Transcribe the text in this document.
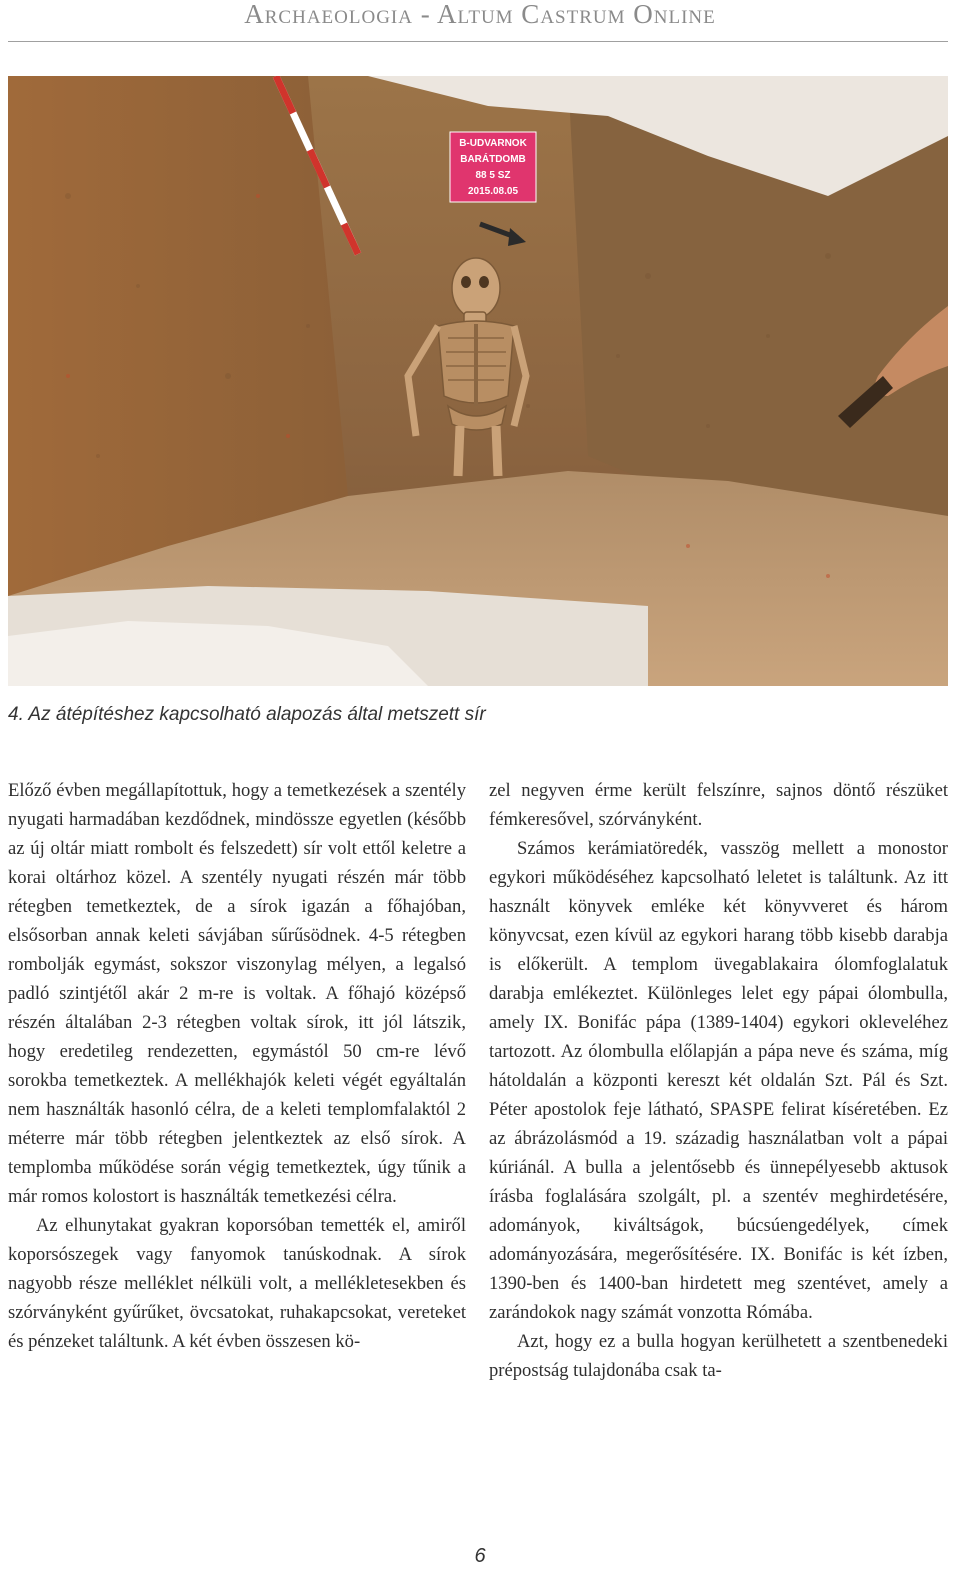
Archaeologia - Altum Castrum Online
B-UDVARNOK
BARÁTDOMB
88 5 SZ
2015.08.05
4. Az átépítéshez kapcsolható alapozás által metszett sír

Előző évben megállapítottuk, hogy a temetkezések a szentély nyugati harmadában kezdődnek, mindössze egyetlen (később az új oltár miatt rombolt és felszedett) sír volt ettől keletre a korai oltárhoz közel. A szentély nyugati részén már több rétegben temetkeztek, de a sírok igazán a főhajóban, elsősorban annak keleti sávjában sűrűsödnek. 4-5 rétegben rombolják egymást, sokszor viszonylag mélyen, a legalsó padló szintjétől akár 2 m-re is voltak. A főhajó középső részén általában 2-3 rétegben voltak sírok, itt jól látszik, hogy eredetileg rendezetten, egymástól 50 cm-re lévő sorokba temetkeztek. A mellékhajók keleti végét egyáltalán nem használták hasonló célra, de a keleti templomfalaktól 2 méterre már több rétegben jelentkeztek az első sírok. A templomba működése során végig temetkeztek, úgy tűnik a már romos kolostort is használták temetkezési célra.

Az elhunytakat gyakran koporsóban temették el, amiről koporsószegek vagy fanyomok tanúskodnak. A sírok nagyobb része melléklet nélküli volt, a mellékletesekben és szórványként gyűrűket, övcsatokat, ruhakapcsokat, vereteket és pénzeket találtunk. A két évben összesen kö-

zel negyven érme került felszínre, sajnos döntő részüket fémkeresővel, szórványként.

Számos kerámiatöredék, vasszög mellett a monostor egykori működéséhez kapcsolható leletet is találtunk. Az itt használt könyvek emléke két könyvveret és három könyvcsat, ezen kívül az egykori harang több kisebb darabja is előkerült. A templom üvegablakaira ólomfoglalatuk darabja emlékeztet. Különleges lelet egy pápai ólombulla, amely IX. Bonifác pápa (1389-1404) egykori okleveléhez tartozott. Az ólombulla előlapján a pápa neve és száma, míg hátoldalán a központi kereszt két oldalán Szt. Pál és Szt. Péter apostolok feje látható, SPASPE felirat kíséretében. Ez az ábrázolásmód a 19. századig használatban volt a pápai kúriánál. A bulla a jelentősebb és ünnepélyesebb aktusok írásba foglalására szolgált, pl. a szentév meghirdetésére, adományok, kiváltságok, búcsúengedélyek, címek adományozására, megerősítésére. IX. Bonifác is két ízben, 1390-ben és 1400-ban hirdetett meg szentévet, amely a zarándokok nagy számát vonzotta Rómába.

Azt, hogy ez a bulla hogyan kerülhetett a szentbenedeki prépostság tulajdonába csak ta-

6
